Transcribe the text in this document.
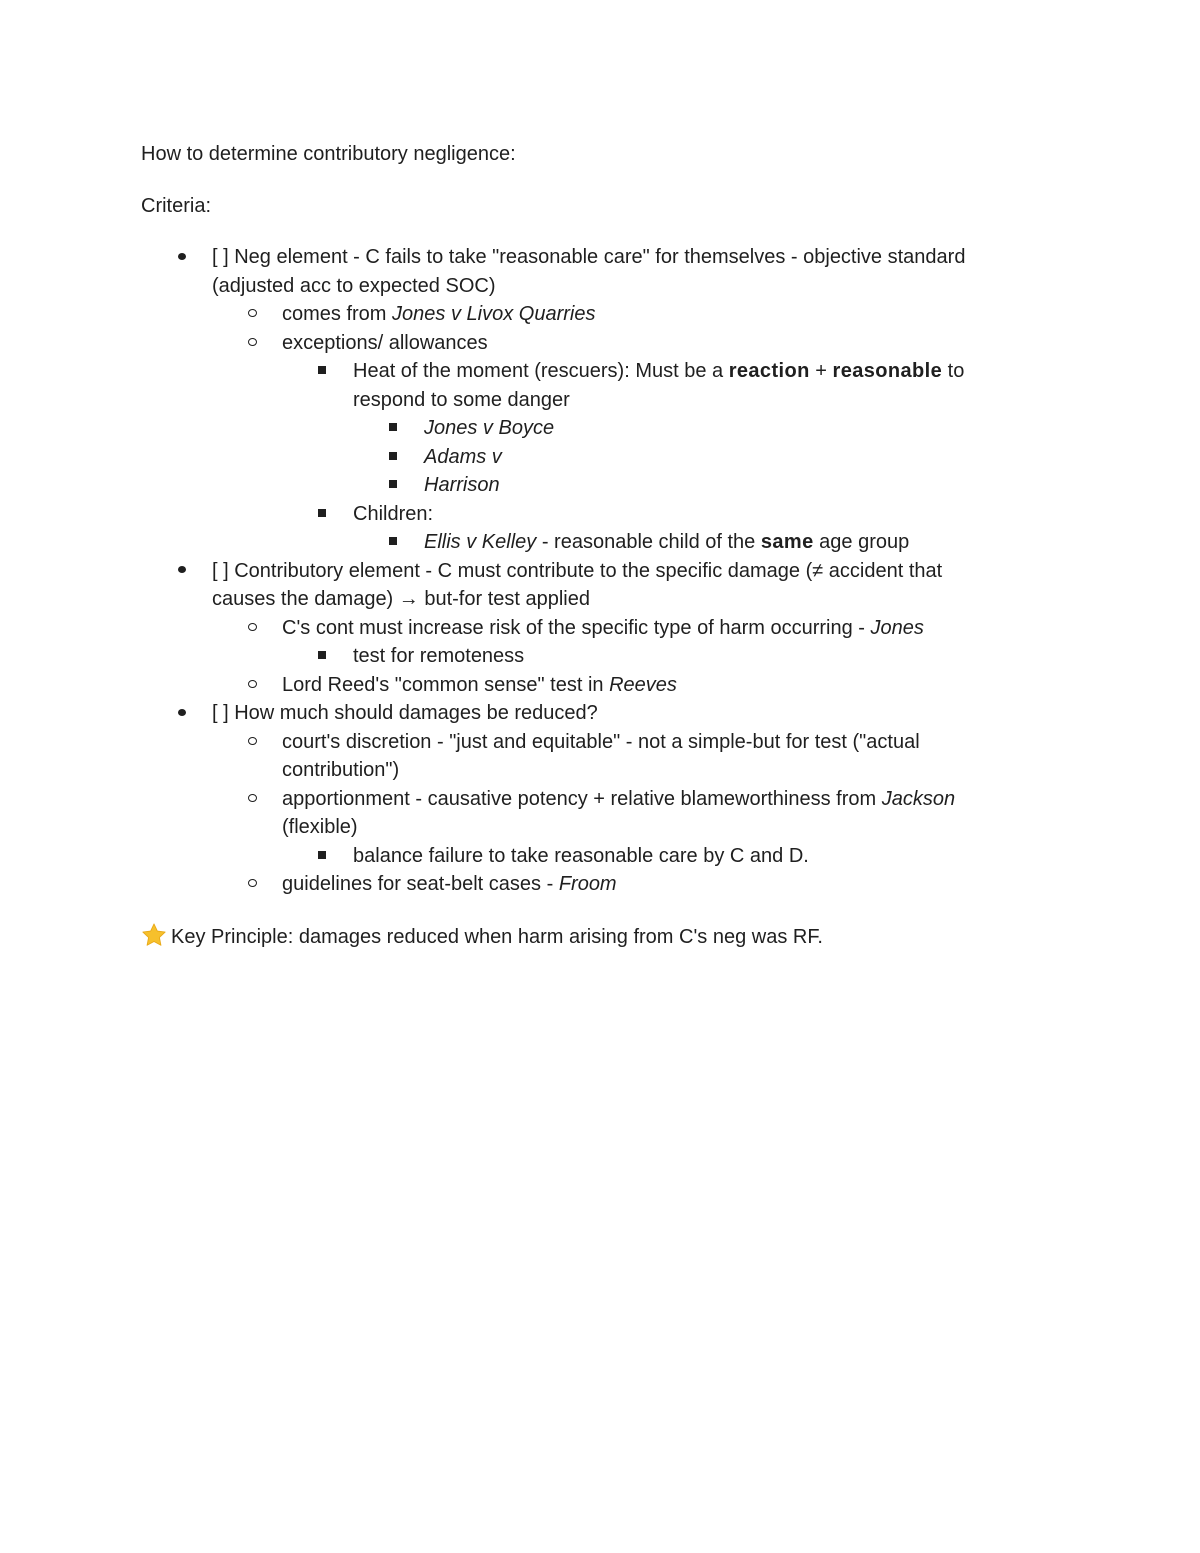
How to determine contributory negligence:

Criteria:

[ ] Neg element - C fails to take "reasonable care" for themselves - objective standard
(adjusted acc to expected SOC)
comes from Jones v Livox Quarries
exceptions/ allowances
Heat of the moment (rescuers): Must be a reaction + reasonable to
respond to some danger
Jones v Boyce
Adams v
Harrison
Children:
Ellis v Kelley - reasonable child of the same age group
[ ] Contributory element - C must contribute to the specific damage (≠ accident that
causes the damage) → but-for test applied
C's cont must increase risk of the specific type of harm occurring - Jones
test for remoteness
Lord Reed's "common sense" test in Reeves
[ ] How much should damages be reduced?
court's discretion - "just and equitable" - not a simple-but for test ("actual
contribution")
apportionment - causative potency + relative blameworthiness from Jackson
(flexible)
balance failure to take reasonable care by C and D.
guidelines for seat-belt cases - Froom

Key Principle: damages reduced when harm arising from C's neg was RF.
